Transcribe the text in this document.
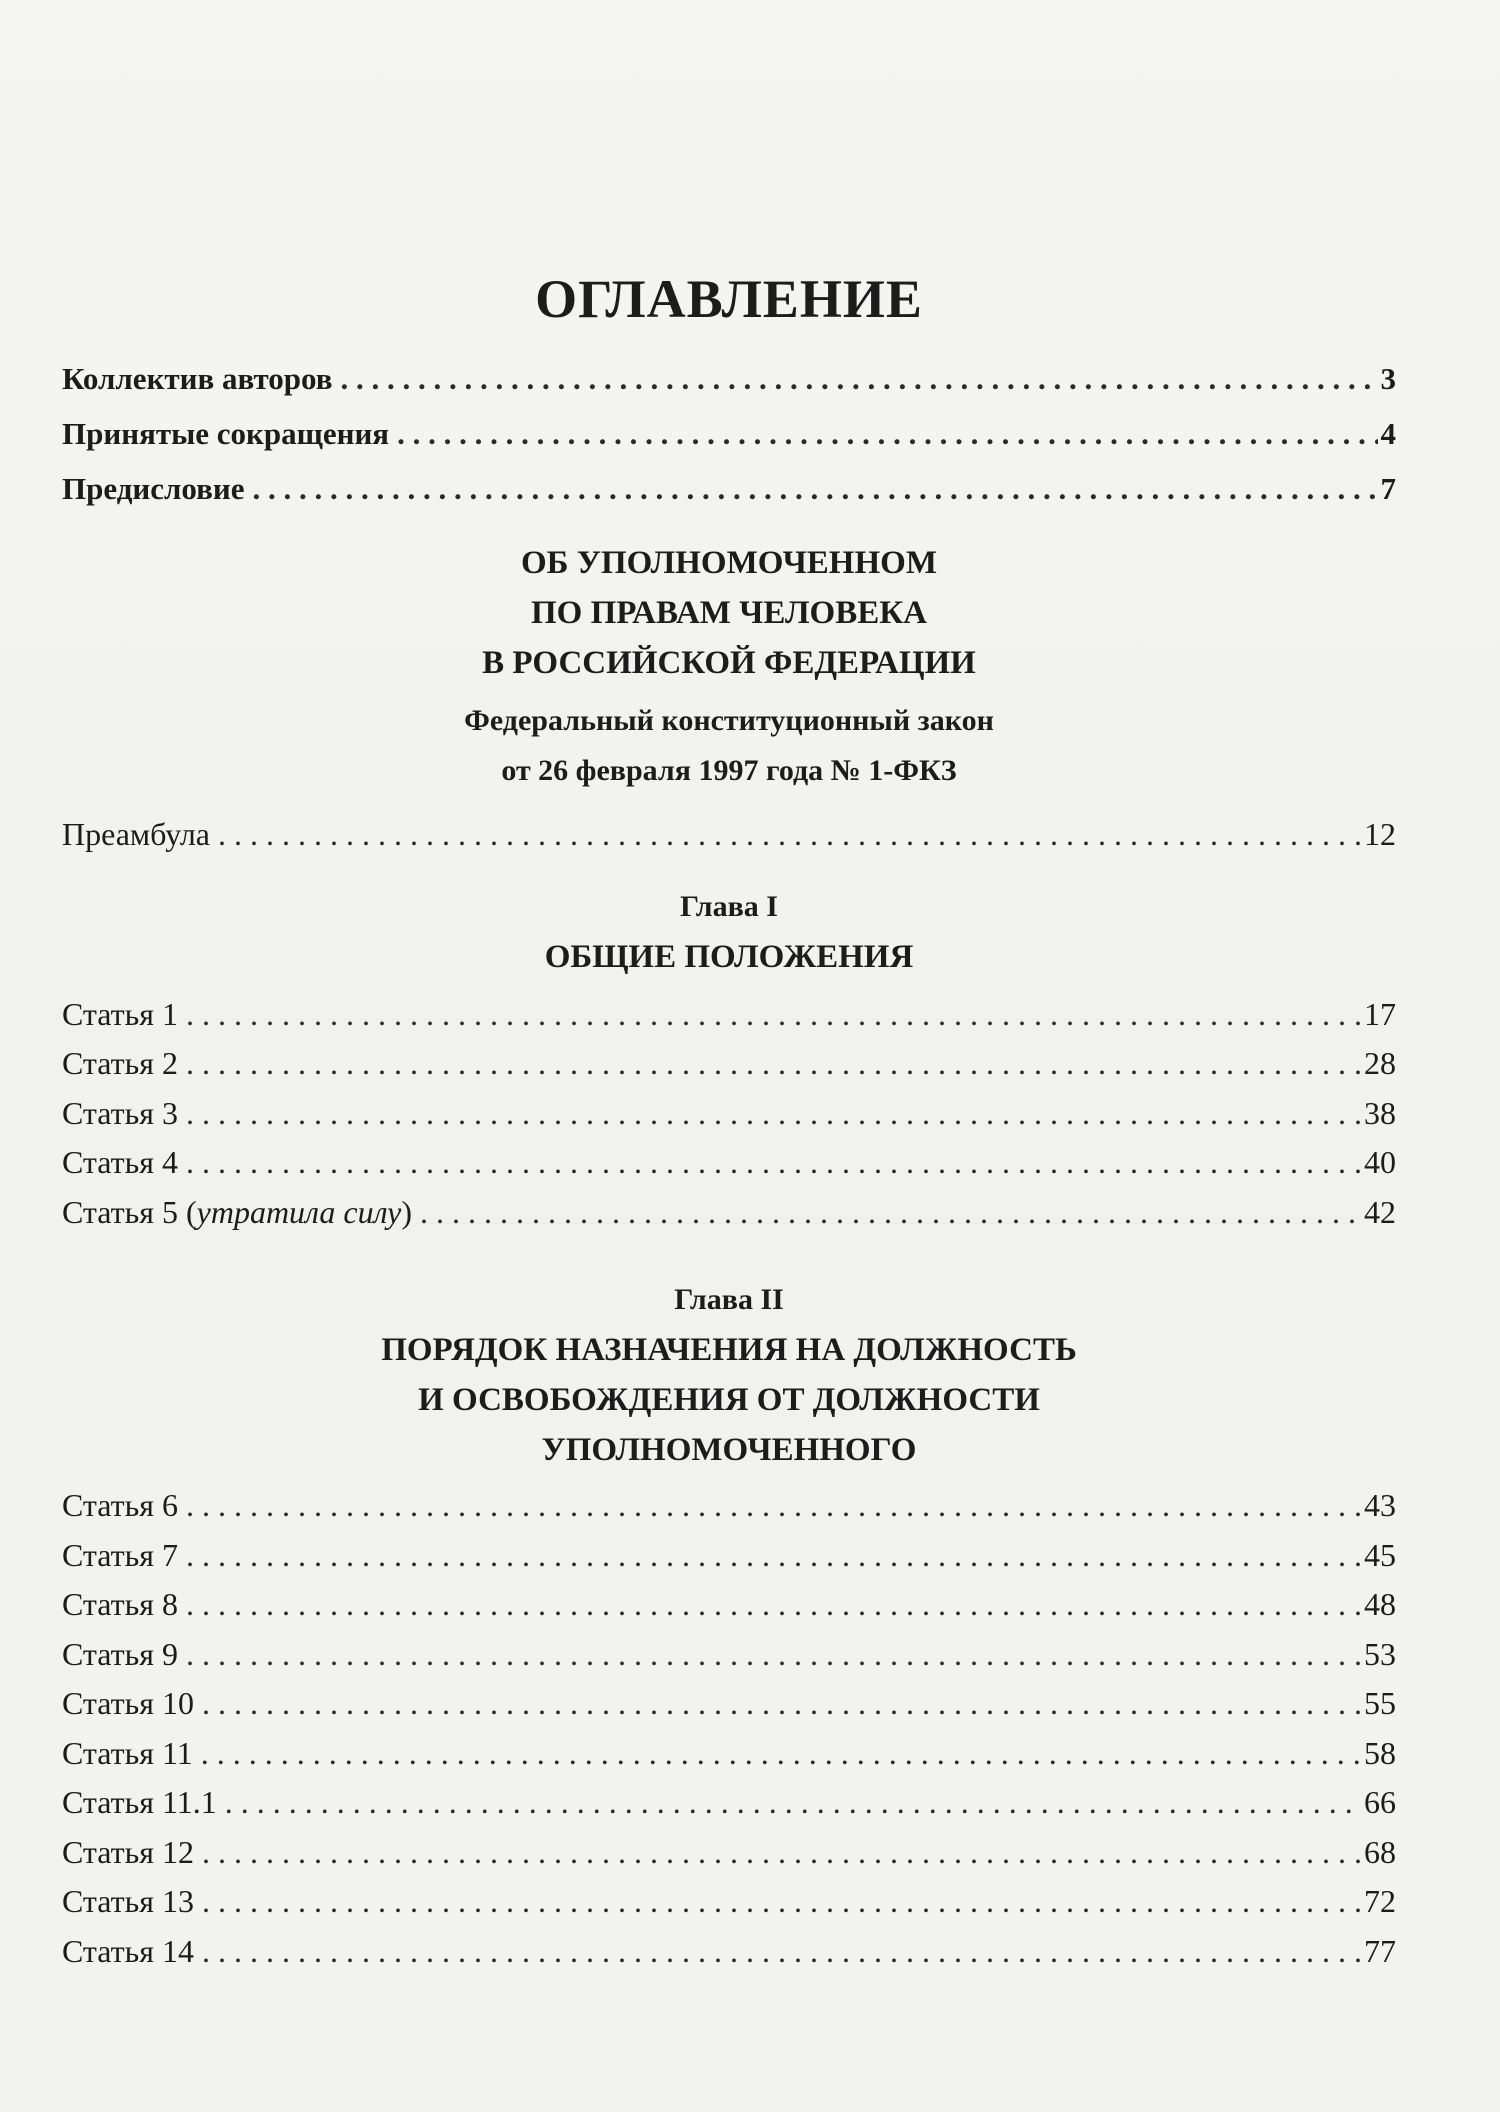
ОГЛАВЛЕНИЕ
Коллектив авторов . . .	3
Принятые сокращения . . .	4
Предисловие . . .	7
ОБ УПОЛНОМОЧЕННОМ
ПО ПРАВАМ ЧЕЛОВЕКА
В РОССИЙСКОЙ ФЕДЕРАЦИИ
Федеральный конституционный закон
от 26 февраля 1997 года № 1-ФКЗ
Преамбула . . .	12
Глава I
ОБЩИЕ ПОЛОЖЕНИЯ
Статья 1 . . .	17
Статья 2 . . .	28
Статья 3 . . .	38
Статья 4 . . .	40
Статья 5 (утратила силу) . . .	42
Глава II
ПОРЯДОК НАЗНАЧЕНИЯ НА ДОЛЖНОСТЬ
И ОСВОБОЖДЕНИЯ ОТ ДОЛЖНОСТИ
УПОЛНОМОЧЕННОГО
Статья 6 . . .	43
Статья 7 . . .	45
Статья 8 . . .	48
Статья 9 . . .	53
Статья 10 . . .	55
Статья 11 . . .	58
Статья 11.1 . . .	66
Статья 12 . . .	68
Статья 13 . . .	72
Статья 14 . . .	77
